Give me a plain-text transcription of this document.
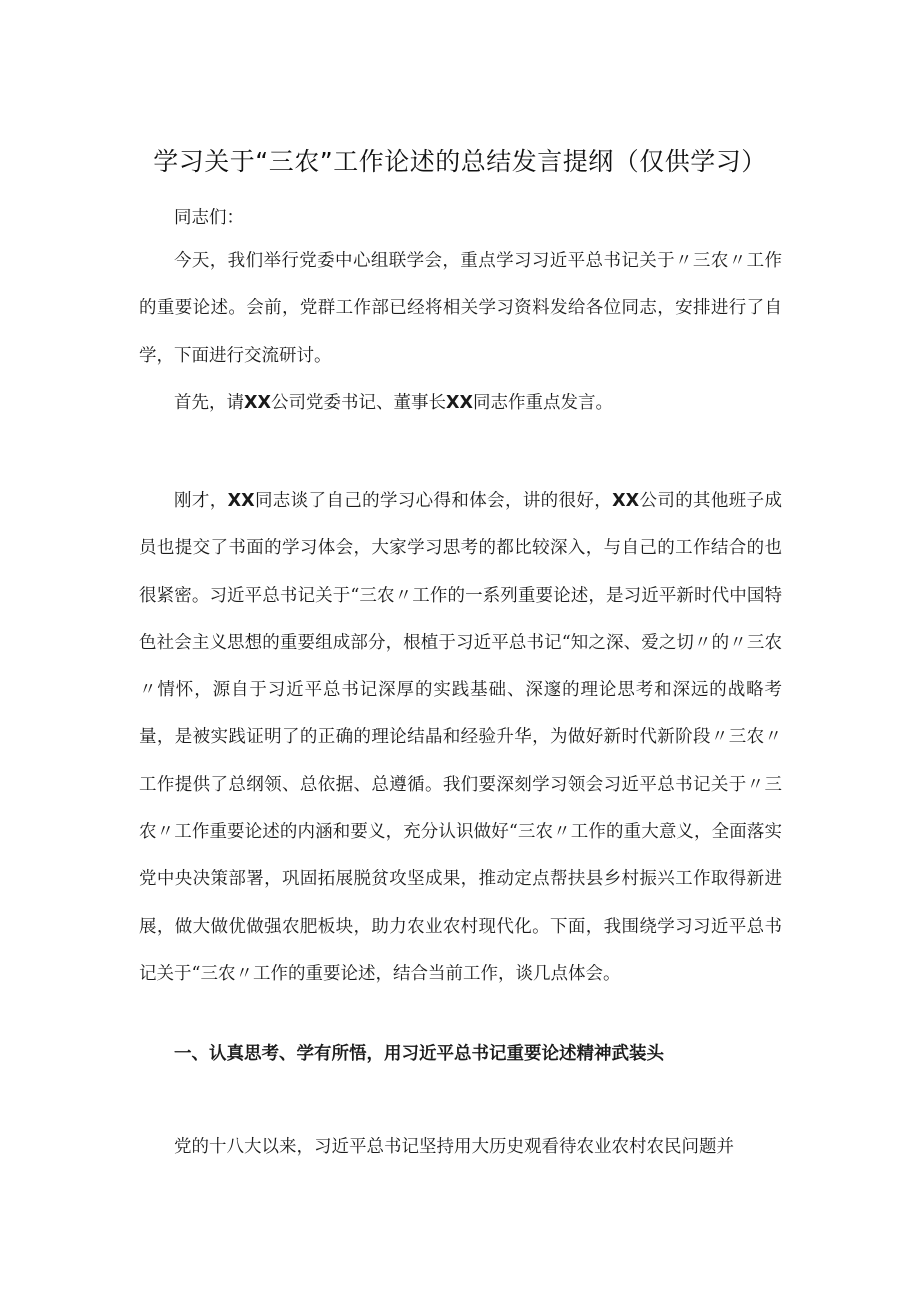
学习关于“三农”工作论述的总结发言提纲（仅供学习）

同志们：

今天，我们举行党委中心组联学会，重点学习习近平总书记关于〃三农〃工作的重要论述。会前，党群工作部已经将相关学习资料发给各位同志，安排进行了自学，下面进行交流研讨。

首先，请XX公司党委书记、董事长XX同志作重点发言。

刚才，XX同志谈了自己的学习心得和体会，讲的很好，XX公司的其他班子成员也提交了书面的学习体会，大家学习思考的都比较深入，与自己的工作结合的也很紧密。习近平总书记关于“三农〃工作的一系列重要论述，是习近平新时代中国特色社会主义思想的重要组成部分，根植于习近平总书记“知之深、爱之切〃的〃三农〃情怀，源自于习近平总书记深厚的实践基础、深邃的理论思考和深远的战略考量，是被实践证明了的正确的理论结晶和经验升华，为做好新时代新阶段〃三农〃工作提供了总纲领、总依据、总遵循。我们要深刻学习领会习近平总书记关于〃三农〃工作重要论述的内涵和要义，充分认识做好“三农〃工作的重大意义，全面落实党中央决策部署，巩固拓展脱贫攻坚成果，推动定点帮扶县乡村振兴工作取得新进展，做大做优做强农肥板块，助力农业农村现代化。下面，我围绕学习习近平总书记关于“三农〃工作的重要论述，结合当前工作，谈几点体会。

一、认真思考、学有所悟，用习近平总书记重要论述精神武装头

党的十八大以来，习近平总书记坚持用大历史观看待农业农村农民问题并
